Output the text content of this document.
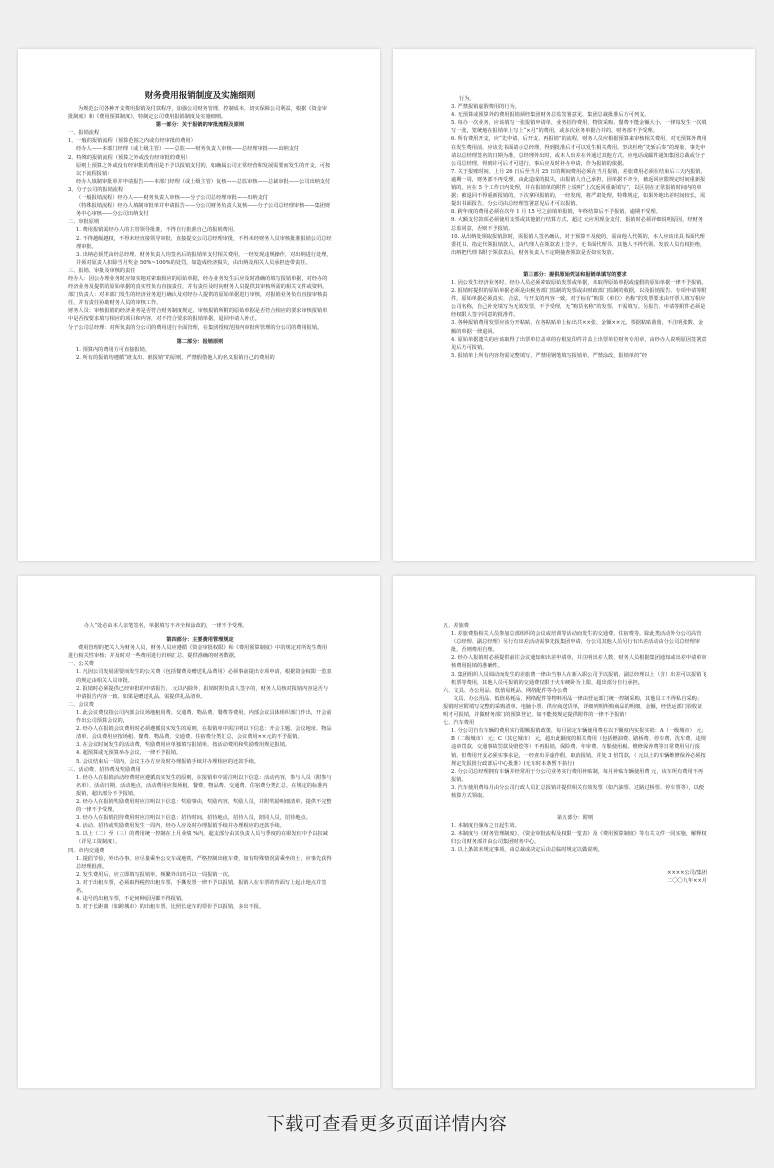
财务费用报销制度及实施细则

为规范公司各种开支费用报销及付款程序，加强公司财务管理，控制成本，切实保障公司利益，根据《资金审批制度》和《费用预算制度》，特制定公司费用报销制度及实施细则。

第一部分：关于报销的审批流程及原则

一、报销流程

1、一般的报销流程（预算范围之内或有经审批的费用）

经办人——本部门经理（或上级主管）——总监——财务负责人审核——总经理审批——出纳支付

2、特殊的报销流程（预算之外或没有经审批的费用）

原则上预算之外或没有经审批的费用是不予以报销支付的，如确属公司正常经营和发展需要而发生的开支，可按以下流程报销：

经办人填制审批单并申请报告——本部门经理（或上级主管）复核——总监审核——总裁审批——公司出纳支付

3、分子公司的报销流程

（一般报销流程）经办人——财务负责人审核——分子公司总经理审批——出纳支付

（特殊报销流程）经办人填制审批单并申请报告——分公司财务负责人复核——分子公司总经理审核——集团财务中心审核——分公司出纳支付

二、审批原则

1. 费用报销需经办人的主管领导批准，不得自行批准自己的报销费用。

2. 不得越级越权，不得未经直接领导审批，直接提交公司总经理审批，不得未经财务人员审核批准报销公司总经理审批。

3. 出纳必须凭由经总经理、财务负责人均签名后的报销单支付相关费用，一经发现违规操作，对出纳进行处理，并须对原责人扣除当月奖金 50%~100%的处罚，如造成经济损失，由出纳及相关人员承担连带责任。

三、报销、审批及审核的责任

经办人：因公办理业务时应如实地对索取相应的原始单据，经办业务发生后应及时准确的填写报销单据，对经办的经济业务及提供的原始单据的真实性负有直接责任，并有责任及时向财务人员提供其审核所需的相关文件或资料。

部门负责人：对本部门发生的经济业务进行确认及对经办人提供的原始单据进行审核，对报销业务负有直接审核责任，并有责任协助财务人员的审核工作。

财务人员：审核报销的经济业务是否符合财务制度规定，审核报销所附的原始单据是否符合相应的要求审核报销单中是否按要求填写相应的项目和内容，对不符合要求的报销单据，退回申请人补正。

分子公司总经理：对所负责的分公司的费用进行全面管理，在集团授权范围内审批所管理的分公司的费用报销。

第二部分：报销原则

1. 预算内的费用方可直接报销。

2. 所有的报销均遵循“谁支出、谁报销”的原则，严禁假借他人的名义报销自己的费用的

行为。

3. 严禁报销虚假费用的行为。

4. 无预算或预算外的费用报销须经集团财务总监签署意见，集团总裁批准后方可列支。

5. 每办一次业务，应该填写一张报销申请单，业务招待费用、物资采购、餐费不能金额大小，一律每发生一次填写一张，笼统地在报销单上写上“×月”的费用，或多次业务单据合并的，财务部不予受理。

6. 所有费用开支，应“先申请、后开支、再报销”的流程，财务人员应根据预算来审核相关费用，对无预算外费用在发生费用前，应该先书面请示总经理，得到批准后才可以发生相关费用。坚决杜绝“先斩后奏”的现象，事先申请以总经理签名的日期为准，总经理外出时，或本人出差在外通过其他方式，应电话或邮件通知集团总裁或分子公司总经理，得到许可后才可进行，事后应及时补办申请，作为报销的依据。

7. 关于报账时间，上月 26 日后至当月 25 日的期间费用必须在当月报销，差旅费用必须在结束后三天内报销，逾期一周，财务部不再受理，由此造成的损失，由报销人自己承担，因单据不齐全，被返回应限规定时间重新报销的，应在 5 个工作日内处理，并在报销单的附件上说明“上次返回重新填写”，以区别在正常报销时间内的单据；被退回不得重新报销的，下次拿回报销的，一经发现，将严肃处理。特殊规定，如果外地出差时间较长，需提出书面报告，分公司由总经理签署意见后才可以报销。

8. 跨年度的费用必须在次年 1 月 15 号之前填单报销，年终结算后不予报销，逾期不受理。

9. 大额支付款项必须使用支票或其他银行结算方式，超过 元应用现金支付，报销时必须详细说明原因，经财务总监同意，否则不予报销。

10. 从出纳处领取报销款时，需报销人签名确认，对于预算不及使的，需由他人代领的，本人应该出具书面代理委托书，指定代领报销款人，由代理人在领款表上签字，无书面代理书，其他人不得代领。发放人员有权拒绝，出纳把代理书附于领款表后，财务负责人不定期抽查领款是否如实发放。

第三部分：提供原始凭证和报销单填写的要求

1. 因公发生经济业务时，经办人员必须索取原始发票或单据，未取得原始单据或虚假的原始单据一律不予报销。

2. 报销时提供的原始单据必须是由税务部门监制的发票或由财政部门监制的收据，以及报销报告、专项申请等附件，原始单据必须真实、合法，与开支的内容一致，对于标有“购货（单位）名称”的发票要求由开票人填写相应公司名称，自己补充填写为无效发票，不予受理，无“购货名称”的发票，不需填写。另报告、申请等附件必须是经权限人签字同意的批准件。

3. 各种报销费用发票应该分开粘贴，在各粘贴单上标出共××张、金额××元。票据粘贴凿凿，不注明张数、金额的单据一律退回。

4. 原始单据遗失的应该取得了出票单位盖章的存根复印件并盖上出票单位财务专用章，由经办人说明原因签署意见后方可报销。

5. 报销单上所有内容均需完整填写，严禁用钢笔填写报销单，严禁涂改，报销单的“经

办人”处必由本人亲笔签名，单据填写不齐全和涂改的，一律不予受理。

第四部分：主要费用管理规定

费用管理的把关人为财务人员，财务人员应遵循《资金审批权限》和《费用预算制度》中的规定对所发生费用进行相关性审核；并及时对一些费用进行归纳汇总，提供准确的财务数据。

一、公关费

1. 凡因公司发展需要而发生的公关费（包括餐费及赠送礼品费用）必须事前提出专项申请，根据资金权限一览表的规定由相关人员审批。

2. 报销时必须提供已经审批的申请报告， 元以内除外，报销时附负责人签字的，财务人员核对报销内容是否与申请报告内容一致，如果是赠送礼品，需提供礼品清单。

二、会议费

1. 此会议费仅指公司内部会议场地租用费、交通费、物品费、餐费等费用，内部会议具体组织部门作出，开会前作出公司预算会议的，

2. 经办人在报销会议费用时必须遵循真实发生的原则，在报销单中需注明以下信息：开会主题、会议地址、物品清单、会议费用应按场租、餐费、物品费、交通费、住宿费分类汇总，会议费用××元的不予报销。

3. 在会议时间发生的活动费，奖励费用应单独填写报销单，按活动费用和奖励费用规定报销。

4. 超预算或无预算举办会议，一律不予报销。

5. 会议结束后一周内，会议主办方应及时办理报销手续并办理相应的还款手续。

三、活动费、招待费及奖励费用

1. 经办人在报销活动经费时应遵循真实发生的原则，在报销单中需注明以下信息：活动内容，参与人员（附参与名单）、活动日期、活动地点，活动费用应按场租、餐费、物品费、交通费、住宿费分类汇总，在规定的标准内报销，超出部分不予报销。

2. 经办人在报销奖励费用时应注明以下信息：奖励事由，奖励内容，奖励人员，并附奖励明细清单，提供不完整的一律不予受理。

3. 经办人在报销招待费用时应注明以下信息：招待时间，招待地点，招待人员，陪同人员，招待地点。

4. 活动、招待或奖励费用发生一周内，经办人应及时办理报销手续并办理相应的还款手续。

5. 以上（二）至（三）的费用统一控制在上月业绩 %内，超支部分由其负责人员与季度的在职发红中予以扣减（详见工资制度）。

四、市内交通费

1. 提倡节俭，外出办事，应尽量乘坐公交车或地铁，严格控制出租车费，如有特殊情况需乘坐的士，应事先获得总经理批准。

2. 发生费用后，应立即填写报销单，频繁外出的可以一周报销一次。

3. 对于出租车票，必须取得税控出租车票，手撕发票一律不予以报销，报销人在车票的背面写上起止地点并签名。

4. 违号的出租车票，不论何种原因都不得报销。

5. 对于长距离（如跨城市）的出租车票，比照长途车的票价予以报销，多出不报。

五、差旅费

1. 差旅费指相关人员参加总部组织的会议或培训等活动而发生的交通费、住宿费等。除此类活动外分公司高管（总经理、副总经理）另行有出差活动需事先报集团申请，分公司其他人员另行有出差活动由分公司总经理审批，否则费用自理。

2. 经办人报销时必须提供前往会议通知和出差申请单，并注明出差人数，财务人员根据集团通知或出差申请单审核费用报销的准确性。

3. 集团组织人员调动而发生的差旅费一律由当事人在新入职公司予以报销，副总经理以上（含）出差可以报销飞机票等费用，其他人员可报销的交通费仅限于火车硬卧为上限，超出部分自行承担。

六、文具、办公用品、低值易耗品、网络配件等办公费

文具、办公用品、低值易耗品、网络配件等物料用品一律由营运部门统一控制采购，其他员工不得私自采购；报销时应附填写完整的采购清单、电脑小票、供应商送货单，详细列明所购商品的明细，金额，经营运部门验收证明才可报销，并做财务部门的预算登记，如不能按规定提供附件的一律不予报销！

七、汽车费用

1. 分公司自有车辆的费用实行限额报销政策，每月固定车辆使用费在以下额度内实报实销：A（一级城市） 元；B（二级城市） 元；C（其它城市） 元，超出此额度的相关费用（包括燃油费、路桥费、停车费、洗车费、违规违章罚款、交通事故罚款及赔偿等）不再报销，保险费、年审费、车船使用税、维修保养费等日常费用另行报销，但费用开支必须实事求是，一经查出弄虚作假，取消报销，并处 3 倍罚款，（ 元以上的车辆维修保养必须按规定先报批行政部后中心批准）(无车时本条暂不执行)

2. 分公司总经理拥有车辆并经常用于分公司业务实行费用补贴制，每月补贴车辆使用费 元，该车所有费用不再报销。

3. 汽车使用费每月由分公司行政人员汇总报销并提供相关有效发票（如汽油票、过路过桥票、停车票等），以便核算方式领取。

第五部分：附则

1. 本制度自颁布之日起生效。

2. 本制度与《财务管理制度》、《资金审批流程及权限一览表》及《费用预算制度》等有关文件一同实施，解释权归公司财务部并由公司集团财务中心。

3. 以上条款未规定事项，由总裁或决定后由总临时规定以做说明。

××××公司/集团

二〇〇九年××月

下载可查看更多页面详情内容
